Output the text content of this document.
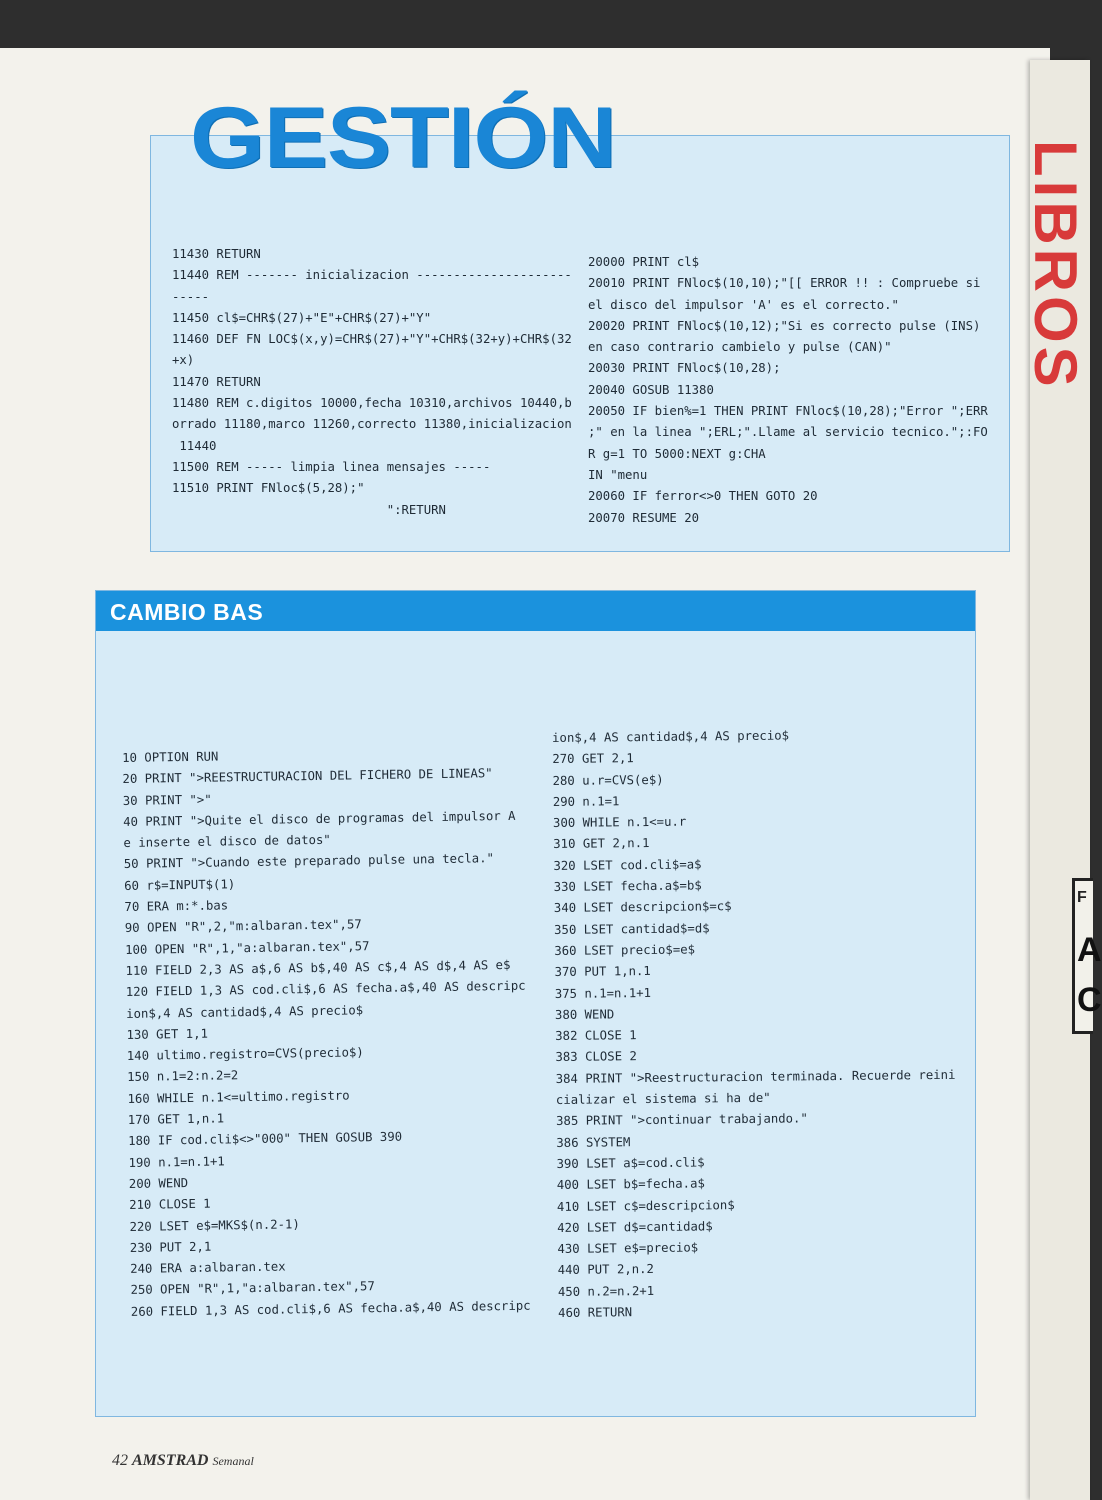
LIBROS
F
A
C
GESTIÓN
11430 RETURN
11440 REM ------- inicializacion ---------------------
-----
11450 cl$=CHR$(27)+"E"+CHR$(27)+"Y"
11460 DEF FN LOC$(x,y)=CHR$(27)+"Y"+CHR$(32+y)+CHR$(32
+x)
11470 RETURN
11480 REM c.digitos 10000,fecha 10310,archivos 10440,b
orrado 11180,marco 11260,correcto 11380,inicializacion
11440
11500 REM ----- limpia linea mensajes -----
11510 PRINT FNloc$(5,28);"
":RETURN
20000 PRINT cl$
20010 PRINT FNloc$(10,10);"[[ ERROR !! : Compruebe si
el disco del impulsor 'A' es el correcto."
20020 PRINT FNloc$(10,12);"Si es correcto pulse (INS)
en caso contrario cambielo y pulse (CAN)"
20030 PRINT FNloc$(10,28);
20040 GOSUB 11380
20050 IF bien%=1 THEN PRINT FNloc$(10,28);"Error ";ERR
;" en la linea ";ERL;".Llame al servicio tecnico.";:FO
R g=1 TO 5000:NEXT g:CHA
IN "menu
20060 IF ferror<>0 THEN GOTO 20
20070 RESUME 20
CAMBIO BAS
10 OPTION RUN
20 PRINT ">REESTRUCTURACION DEL FICHERO DE LINEAS"
30 PRINT ">"
40 PRINT ">Quite el disco de programas del impulsor A
e inserte el disco de datos"
50 PRINT ">Cuando este preparado pulse una tecla."
60 r$=INPUT$(1)
70 ERA m:*.bas
90 OPEN "R",2,"m:albaran.tex",57
100 OPEN "R",1,"a:albaran.tex",57
110 FIELD 2,3 AS a$,6 AS b$,40 AS c$,4 AS d$,4 AS e$
120 FIELD 1,3 AS cod.cli$,6 AS fecha.a$,40 AS descripc
ion$,4 AS cantidad$,4 AS precio$
130 GET 1,1
140 ultimo.registro=CVS(precio$)
150 n.1=2:n.2=2
160 WHILE n.1<=ultimo.registro
170 GET 1,n.1
180 IF cod.cli$<>"000" THEN GOSUB 390
190 n.1=n.1+1
200 WEND
210 CLOSE 1
220 LSET e$=MKS$(n.2-1)
230 PUT 2,1
240 ERA a:albaran.tex
250 OPEN "R",1,"a:albaran.tex",57
260 FIELD 1,3 AS cod.cli$,6 AS fecha.a$,40 AS descripc
ion$,4 AS cantidad$,4 AS precio$
270 GET 2,1
280 u.r=CVS(e$)
290 n.1=1
300 WHILE n.1<=u.r
310 GET 2,n.1
320 LSET cod.cli$=a$
330 LSET fecha.a$=b$
340 LSET descripcion$=c$
350 LSET cantidad$=d$
360 LSET precio$=e$
370 PUT 1,n.1
375 n.1=n.1+1
380 WEND
382 CLOSE 1
383 CLOSE 2
384 PRINT ">Reestructuracion terminada. Recuerde reini
cializar el sistema si ha de"
385 PRINT ">continuar trabajando."
386 SYSTEM
390 LSET a$=cod.cli$
400 LSET b$=fecha.a$
410 LSET c$=descripcion$
420 LSET d$=cantidad$
430 LSET e$=precio$
440 PUT 2,n.2
450 n.2=n.2+1
460 RETURN
42 AMSTRAD Semanal
